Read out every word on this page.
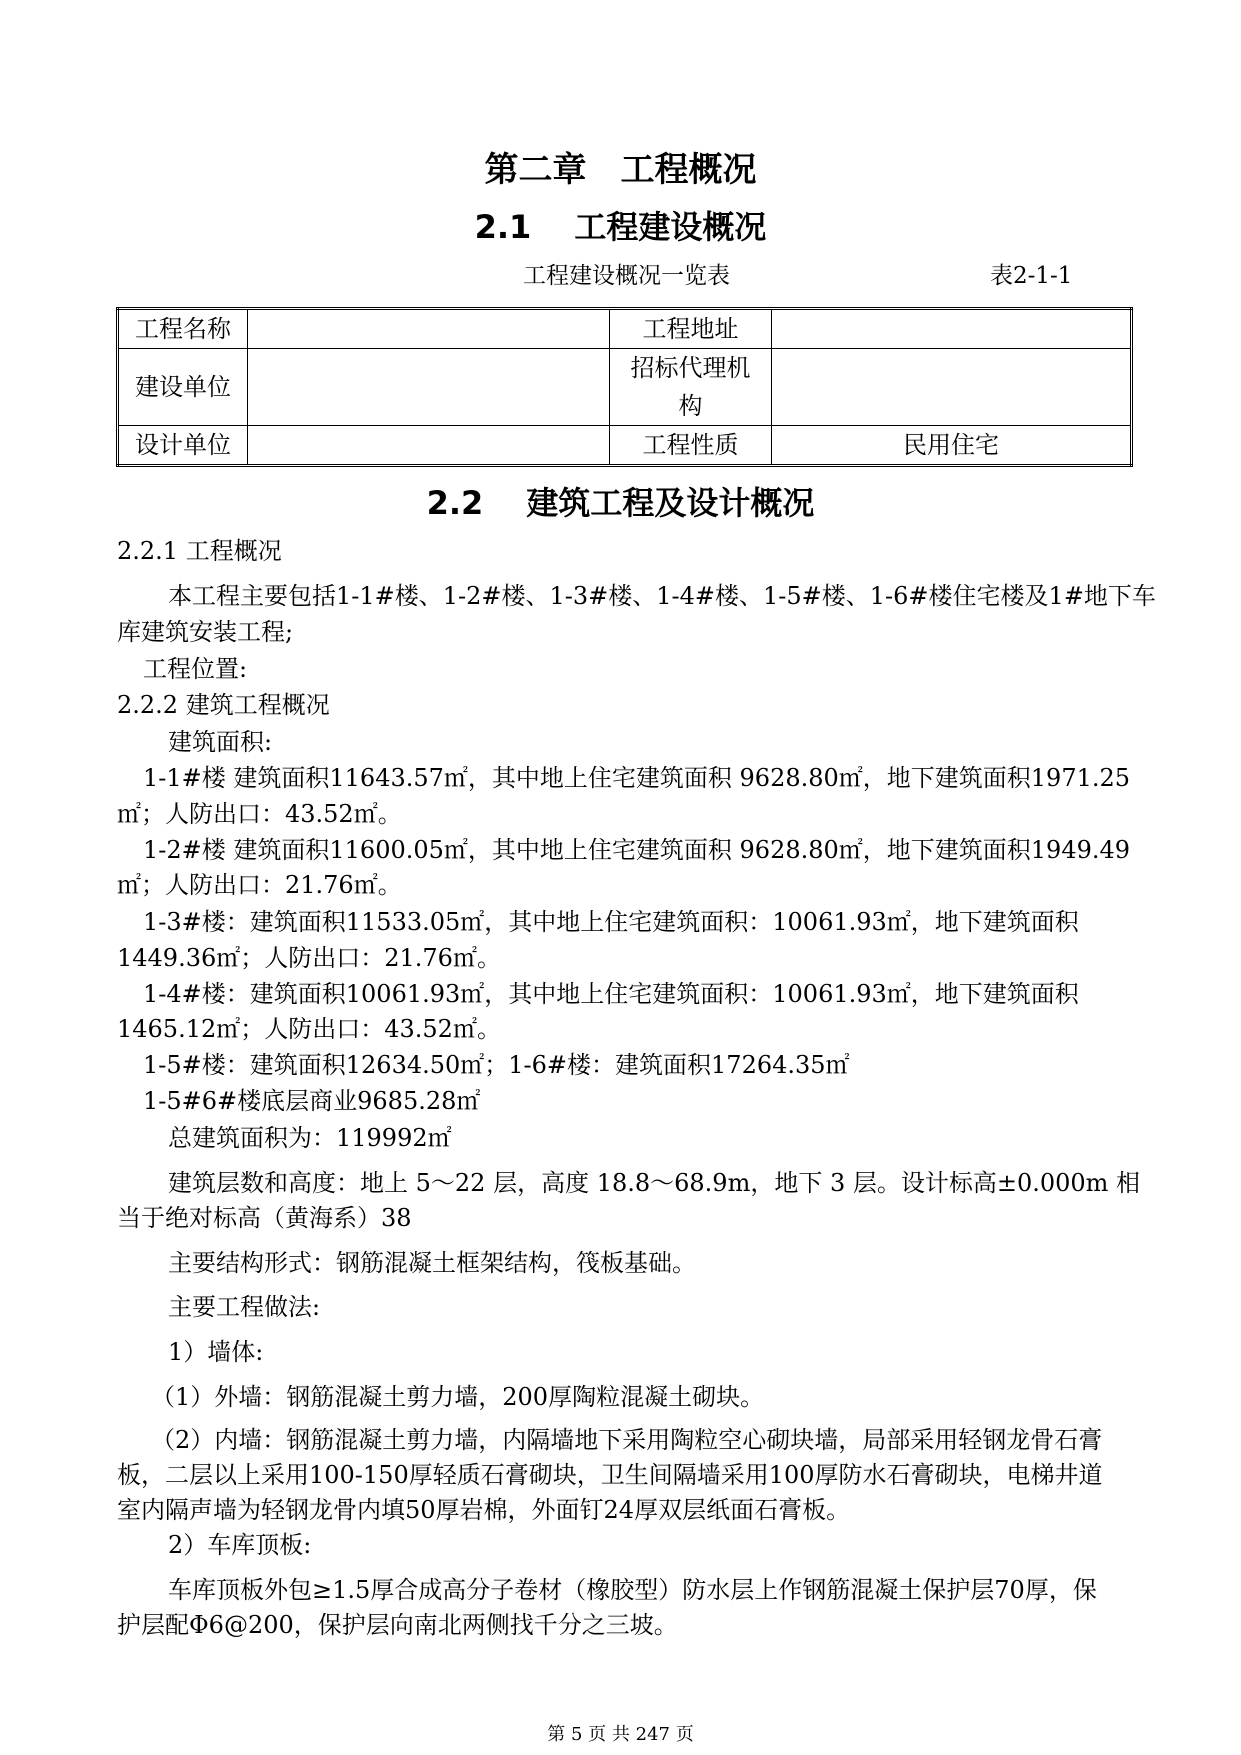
第二章　工程概况
2.1　 工程建设概况
工程建设概况一览表	表2-1-1
工程名称		工程地址	
建设单位		招标代理机构	
设计单位		工程性质	民用住宅
2.2　 建筑工程及设计概况
2.2.1 工程概况
本工程主要包括1-1#楼、1-2#楼、1-3#楼、1-4#楼、1-5#楼、1-6#楼住宅楼及1#地下车
库建筑安装工程;
工程位置:
2.2.2 建筑工程概况
建筑面积:
1-1#楼 建筑面积11643.57㎡，其中地上住宅建筑面积 9628.80㎡，地下建筑面积1971.25
㎡；人防出口：43.52㎡。
1-2#楼 建筑面积11600.05㎡，其中地上住宅建筑面积 9628.80㎡，地下建筑面积1949.49
㎡；人防出口：21.76㎡。
1-3#楼：建筑面积11533.05㎡，其中地上住宅建筑面积：10061.93㎡，地下建筑面积
1449.36㎡；人防出口：21.76㎡。
1-4#楼：建筑面积10061.93㎡，其中地上住宅建筑面积：10061.93㎡，地下建筑面积
1465.12㎡；人防出口：43.52㎡。
1-5#楼：建筑面积12634.50㎡；1-6#楼：建筑面积17264.35㎡
1-5#6#楼底层商业9685.28㎡
总建筑面积为：119992㎡
建筑层数和高度：地上 5～22 层，高度 18.8～68.9m，地下 3 层。设计标高±0.000m 相
当于绝对标高（黄海系）38
主要结构形式：钢筋混凝土框架结构，筏板基础。
主要工程做法:
1）墙体:
（1）外墙：钢筋混凝土剪力墙，200厚陶粒混凝土砌块。
（2）内墙：钢筋混凝土剪力墙，内隔墙地下采用陶粒空心砌块墙，局部采用轻钢龙骨石膏
板，二层以上采用100-150厚轻质石膏砌块，卫生间隔墙采用100厚防水石膏砌块，电梯井道
室内隔声墙为轻钢龙骨内填50厚岩棉，外面钉24厚双层纸面石膏板。
2）车库顶板:
车库顶板外包≥1.5厚合成高分子卷材（橡胶型）防水层上作钢筋混凝土保护层70厚，保
护层配Φ6@200，保护层向南北两侧找千分之三坡。
第 5 页 共 247 页
